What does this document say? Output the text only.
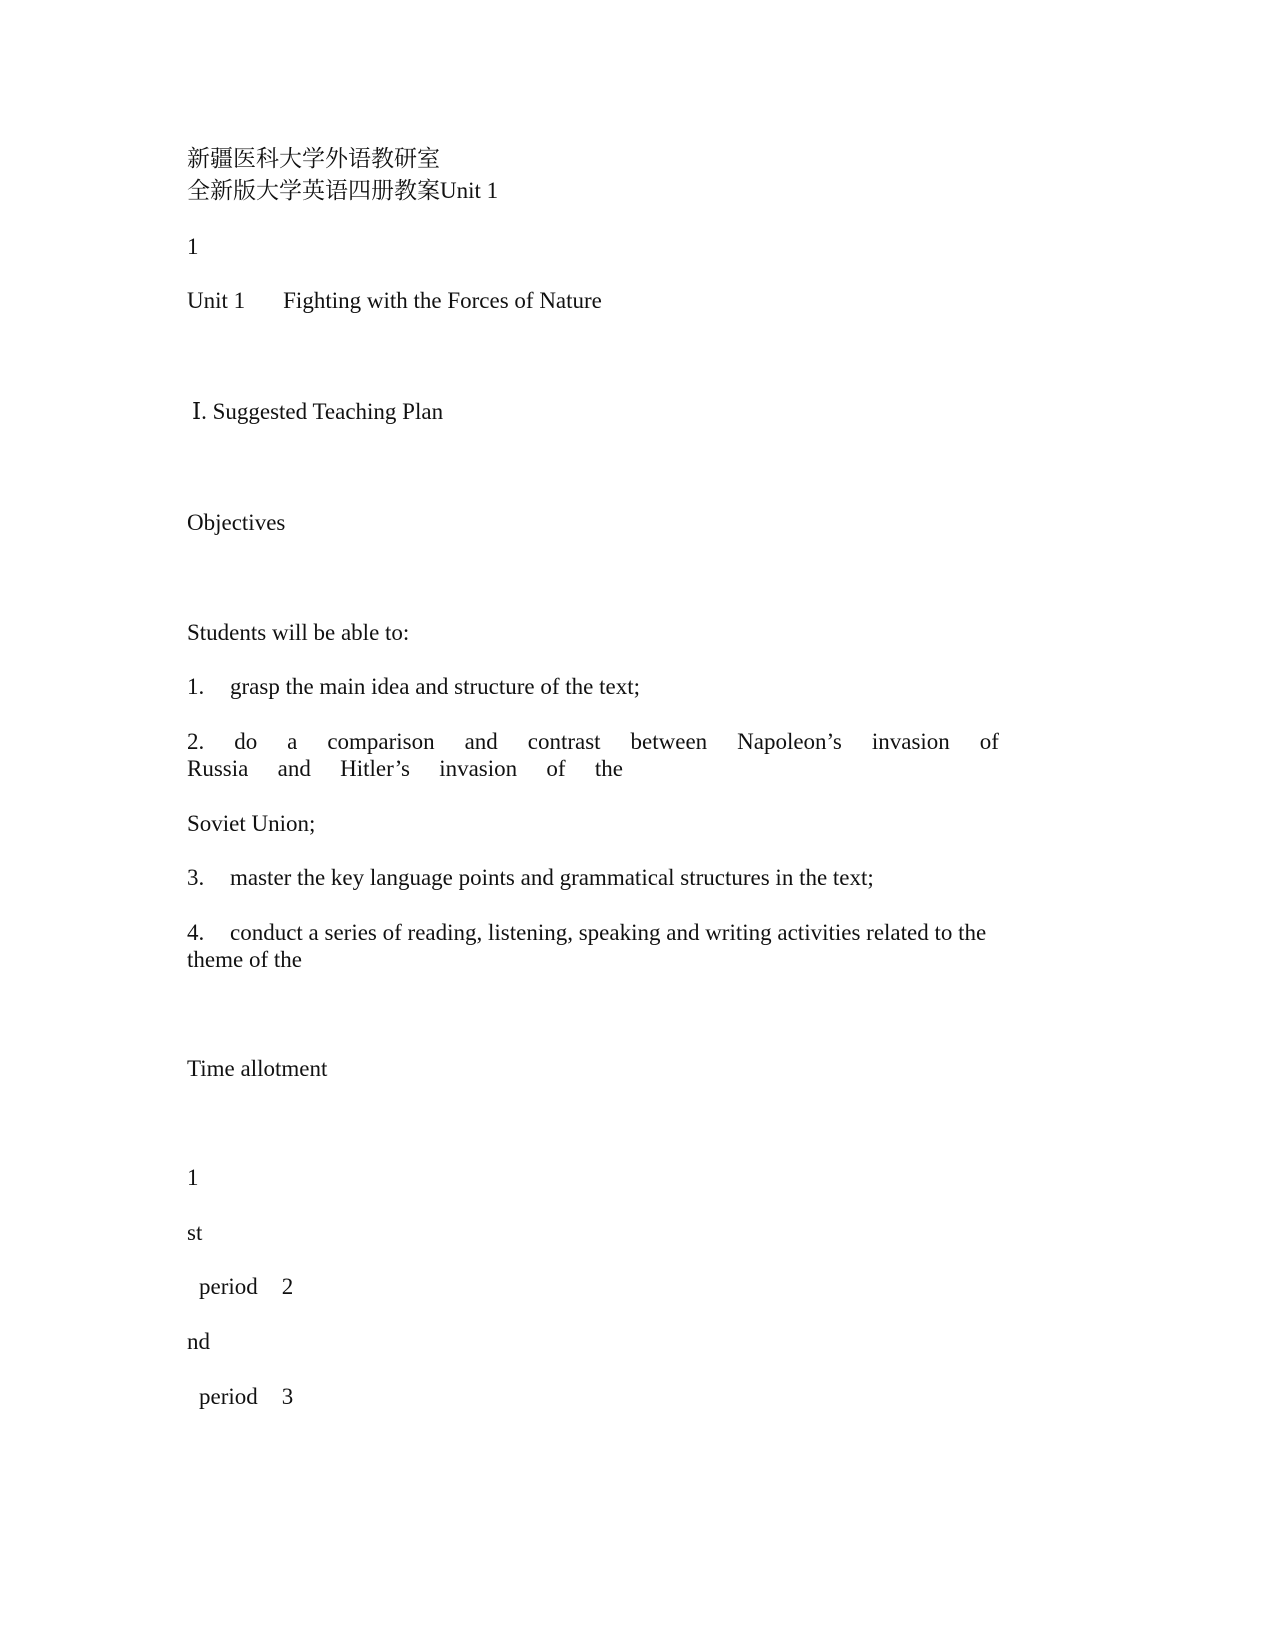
新疆医科大学外语教研室
全新版大学英语四册教案Unit 1
1
Unit 1 Fighting with the Forces of Nature
Ⅰ. Suggested Teaching Plan
Objectives
Students will be able to:
1. grasp the main idea and structure of the text;
2. do a comparison and contrast between Napoleon’s invasion of
Russia and Hitler’s invasion of the
Soviet Union;
3. master the key language points and grammatical structures in the text;
4. conduct a series of reading, listening, speaking and writing activities related to the
theme of the
Time allotment
1
st
period 2
nd
period 3
